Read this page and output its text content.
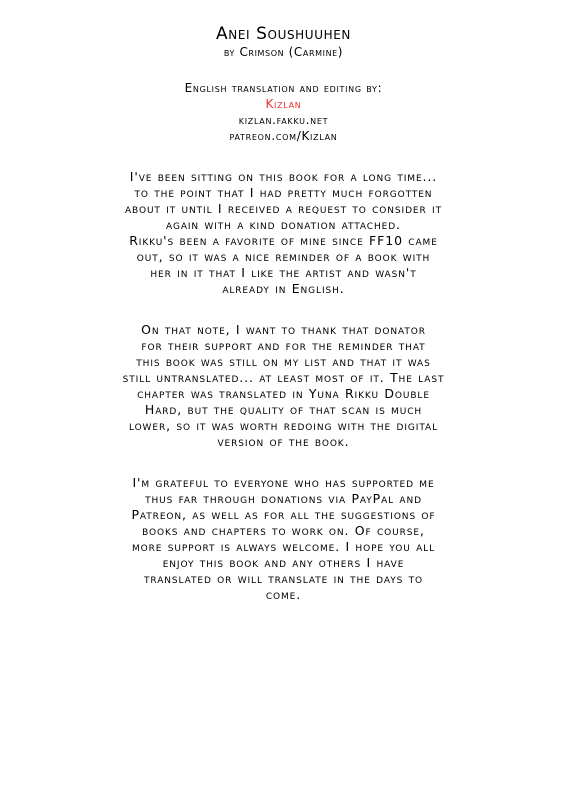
Anei Soushuuhen
by Crimson (Carmine)
English translation and editing by:
Kizlan
kizlan.fakku.net
patreon.com/Kizlan
I've been sitting on this book for a long time...
to the point that I had pretty much forgotten
about it until I received a request to consider it
again with a kind donation attached.
Rikku's been a favorite of mine since FF10 came
out, so it was a nice reminder of a book with
her in it that I like the artist and wasn't
already in English.
On that note, I want to thank that donator
for their support and for the reminder that
this book was still on my list and that it was
still untranslated... at least most of it. The last
chapter was translated in Yuna Rikku Double
Hard, but the quality of that scan is much
lower, so it was worth redoing with the digital
version of the book.
I'm grateful to everyone who has supported me
thus far through donations via PayPal and
Patreon, as well as for all the suggestions of
books and chapters to work on. Of course,
more support is always welcome. I hope you all
enjoy this book and any others I have
translated or will translate in the days to
come.
